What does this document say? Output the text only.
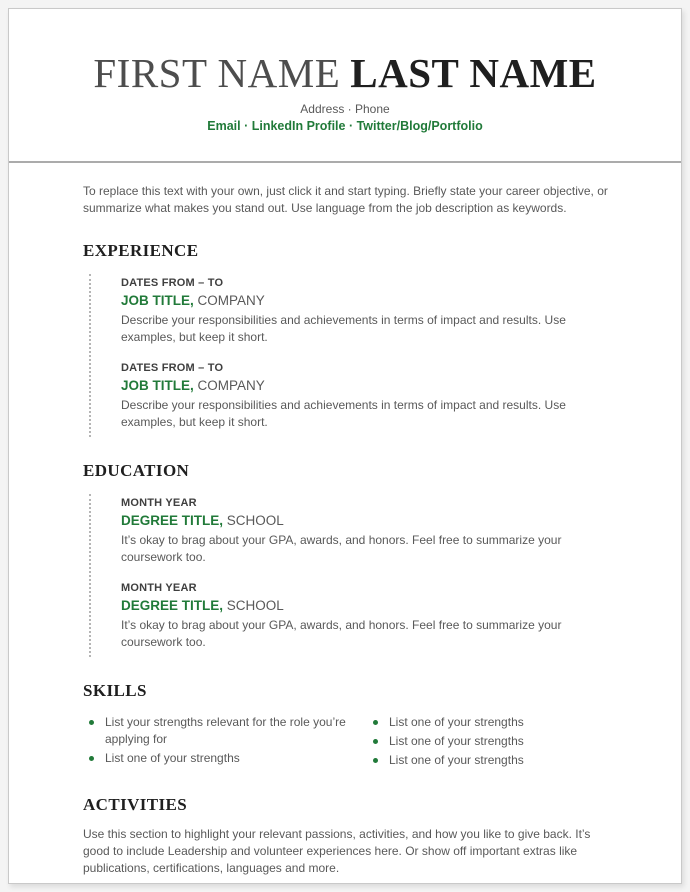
FIRST NAME LAST NAME
Address · Phone
Email · LinkedIn Profile · Twitter/Blog/Portfolio

To replace this text with your own, just click it and start typing. Briefly state your career objective, or summarize what makes you stand out. Use language from the job description as keywords.

EXPERIENCE
DATES FROM – TO
JOB TITLE, COMPANY

Describe your responsibilities and achievements in terms of impact and results. Use examples, but keep it short.

DATES FROM – TO
JOB TITLE, COMPANY

Describe your responsibilities and achievements in terms of impact and results. Use examples, but keep it short.

EDUCATION
MONTH YEAR
DEGREE TITLE, SCHOOL

It’s okay to brag about your GPA, awards, and honors. Feel free to summarize your coursework too.

MONTH YEAR
DEGREE TITLE, SCHOOL

It’s okay to brag about your GPA, awards, and honors. Feel free to summarize your coursework too.

SKILLS
List your strengths relevant for the role you’re applying for
List one of your strengths
List one of your strengths
List one of your strengths
List one of your strengths
ACTIVITIES

Use this section to highlight your relevant passions, activities, and how you like to give back. It’s good to include Leadership and volunteer experiences here. Or show off important extras like publications, certifications, languages and more.
